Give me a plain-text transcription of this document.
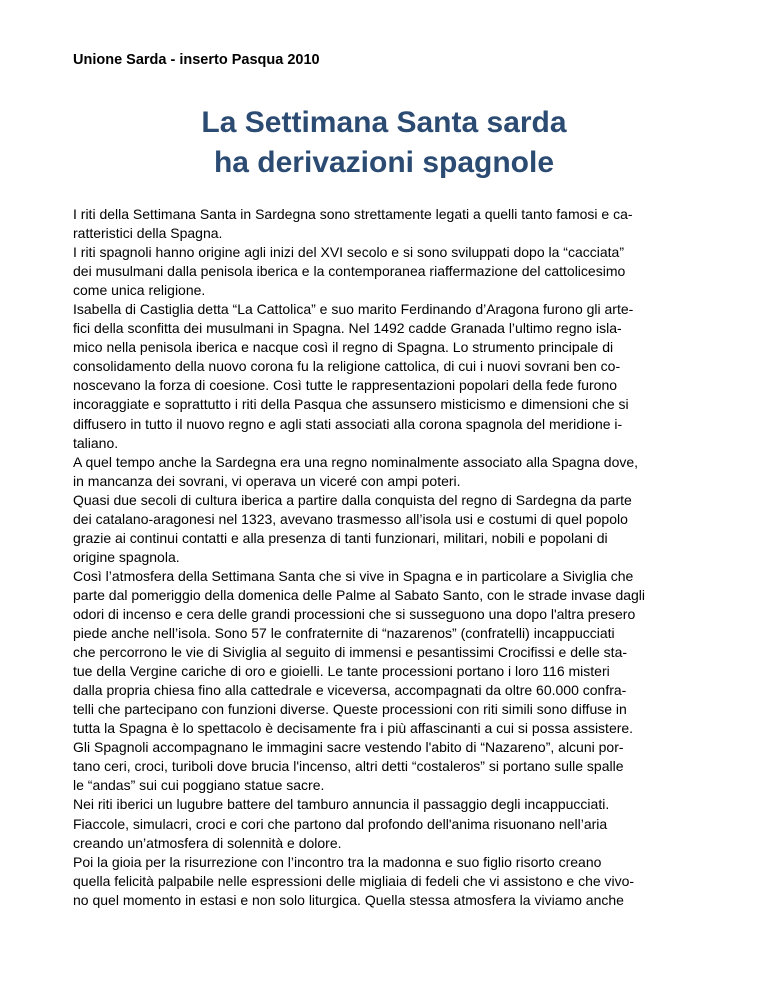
Unione Sarda - inserto Pasqua 2010
La Settimana Santa sarda
ha derivazioni spagnole
I riti della Settimana Santa in Sardegna sono strettamente legati a quelli tanto famosi e ca-
ratteristici della Spagna.
I riti spagnoli hanno origine agli inizi del XVI secolo e si sono sviluppati dopo la “cacciata”
dei musulmani dalla penisola iberica e la contemporanea riaffermazione del cattolicesimo
come unica religione.
Isabella di Castiglia detta “La Cattolica” e suo marito Ferdinando d’Aragona furono gli arte-
fici della sconfitta dei musulmani in Spagna. Nel 1492 cadde Granada l’ultimo regno isla-
mico nella penisola iberica e nacque così il regno di Spagna. Lo strumento principale di
consolidamento della nuovo corona fu la religione cattolica, di cui i nuovi sovrani ben co-
noscevano la forza di coesione. Così tutte le rappresentazioni popolari della fede furono
incoraggiate e soprattutto i riti della Pasqua che assunsero misticismo e dimensioni che si
diffusero in tutto il nuovo regno e agli stati associati alla corona spagnola del meridione i-
taliano.
A quel tempo anche la Sardegna era una regno nominalmente associato alla Spagna dove,
in mancanza dei sovrani, vi operava un viceré con ampi poteri.
Quasi due secoli di cultura iberica a partire dalla conquista del regno di Sardegna da parte
dei catalano-aragonesi nel 1323, avevano trasmesso all’isola usi e costumi di quel popolo
grazie ai continui contatti e alla presenza di tanti funzionari, militari, nobili e popolani di
origine spagnola.
Così l’atmosfera della Settimana Santa che si vive in Spagna e in particolare a Siviglia che
parte dal pomeriggio della domenica delle Palme al Sabato Santo, con le strade invase dagli
odori di incenso e cera delle grandi processioni che si susseguono una dopo l'altra presero
piede anche nell’isola. Sono 57 le confraternite di “nazarenos” (confratelli) incappucciati
che percorrono le vie di Siviglia al seguito di immensi e pesantissimi Crocifissi e delle sta-
tue della Vergine cariche di oro e gioielli. Le tante processioni portano i loro 116 misteri
dalla propria chiesa fino alla cattedrale e viceversa, accompagnati da oltre 60.000 confra-
telli che partecipano con funzioni diverse. Queste processioni con riti simili sono diffuse in
tutta la Spagna è lo spettacolo è decisamente fra i più affascinanti a cui si possa assistere.
Gli Spagnoli accompagnano le immagini sacre vestendo l'abito di “Nazareno”, alcuni por-
tano ceri, croci, turiboli dove brucia l'incenso, altri detti “costaleros” si portano sulle spalle
le “andas” sui cui poggiano statue sacre.
Nei riti iberici un lugubre battere del tamburo annuncia il passaggio degli incappucciati.
Fiaccole, simulacri, croci e cori che partono dal profondo dell'anima risuonano nell’aria
creando un’atmosfera di solennità e dolore.
Poi la gioia per la risurrezione con l’incontro tra la madonna e suo figlio risorto creano
quella felicità palpabile nelle espressioni delle migliaia di fedeli che vi assistono e che vivo-
no quel momento in estasi e non solo liturgica. Quella stessa atmosfera la viviamo anche
